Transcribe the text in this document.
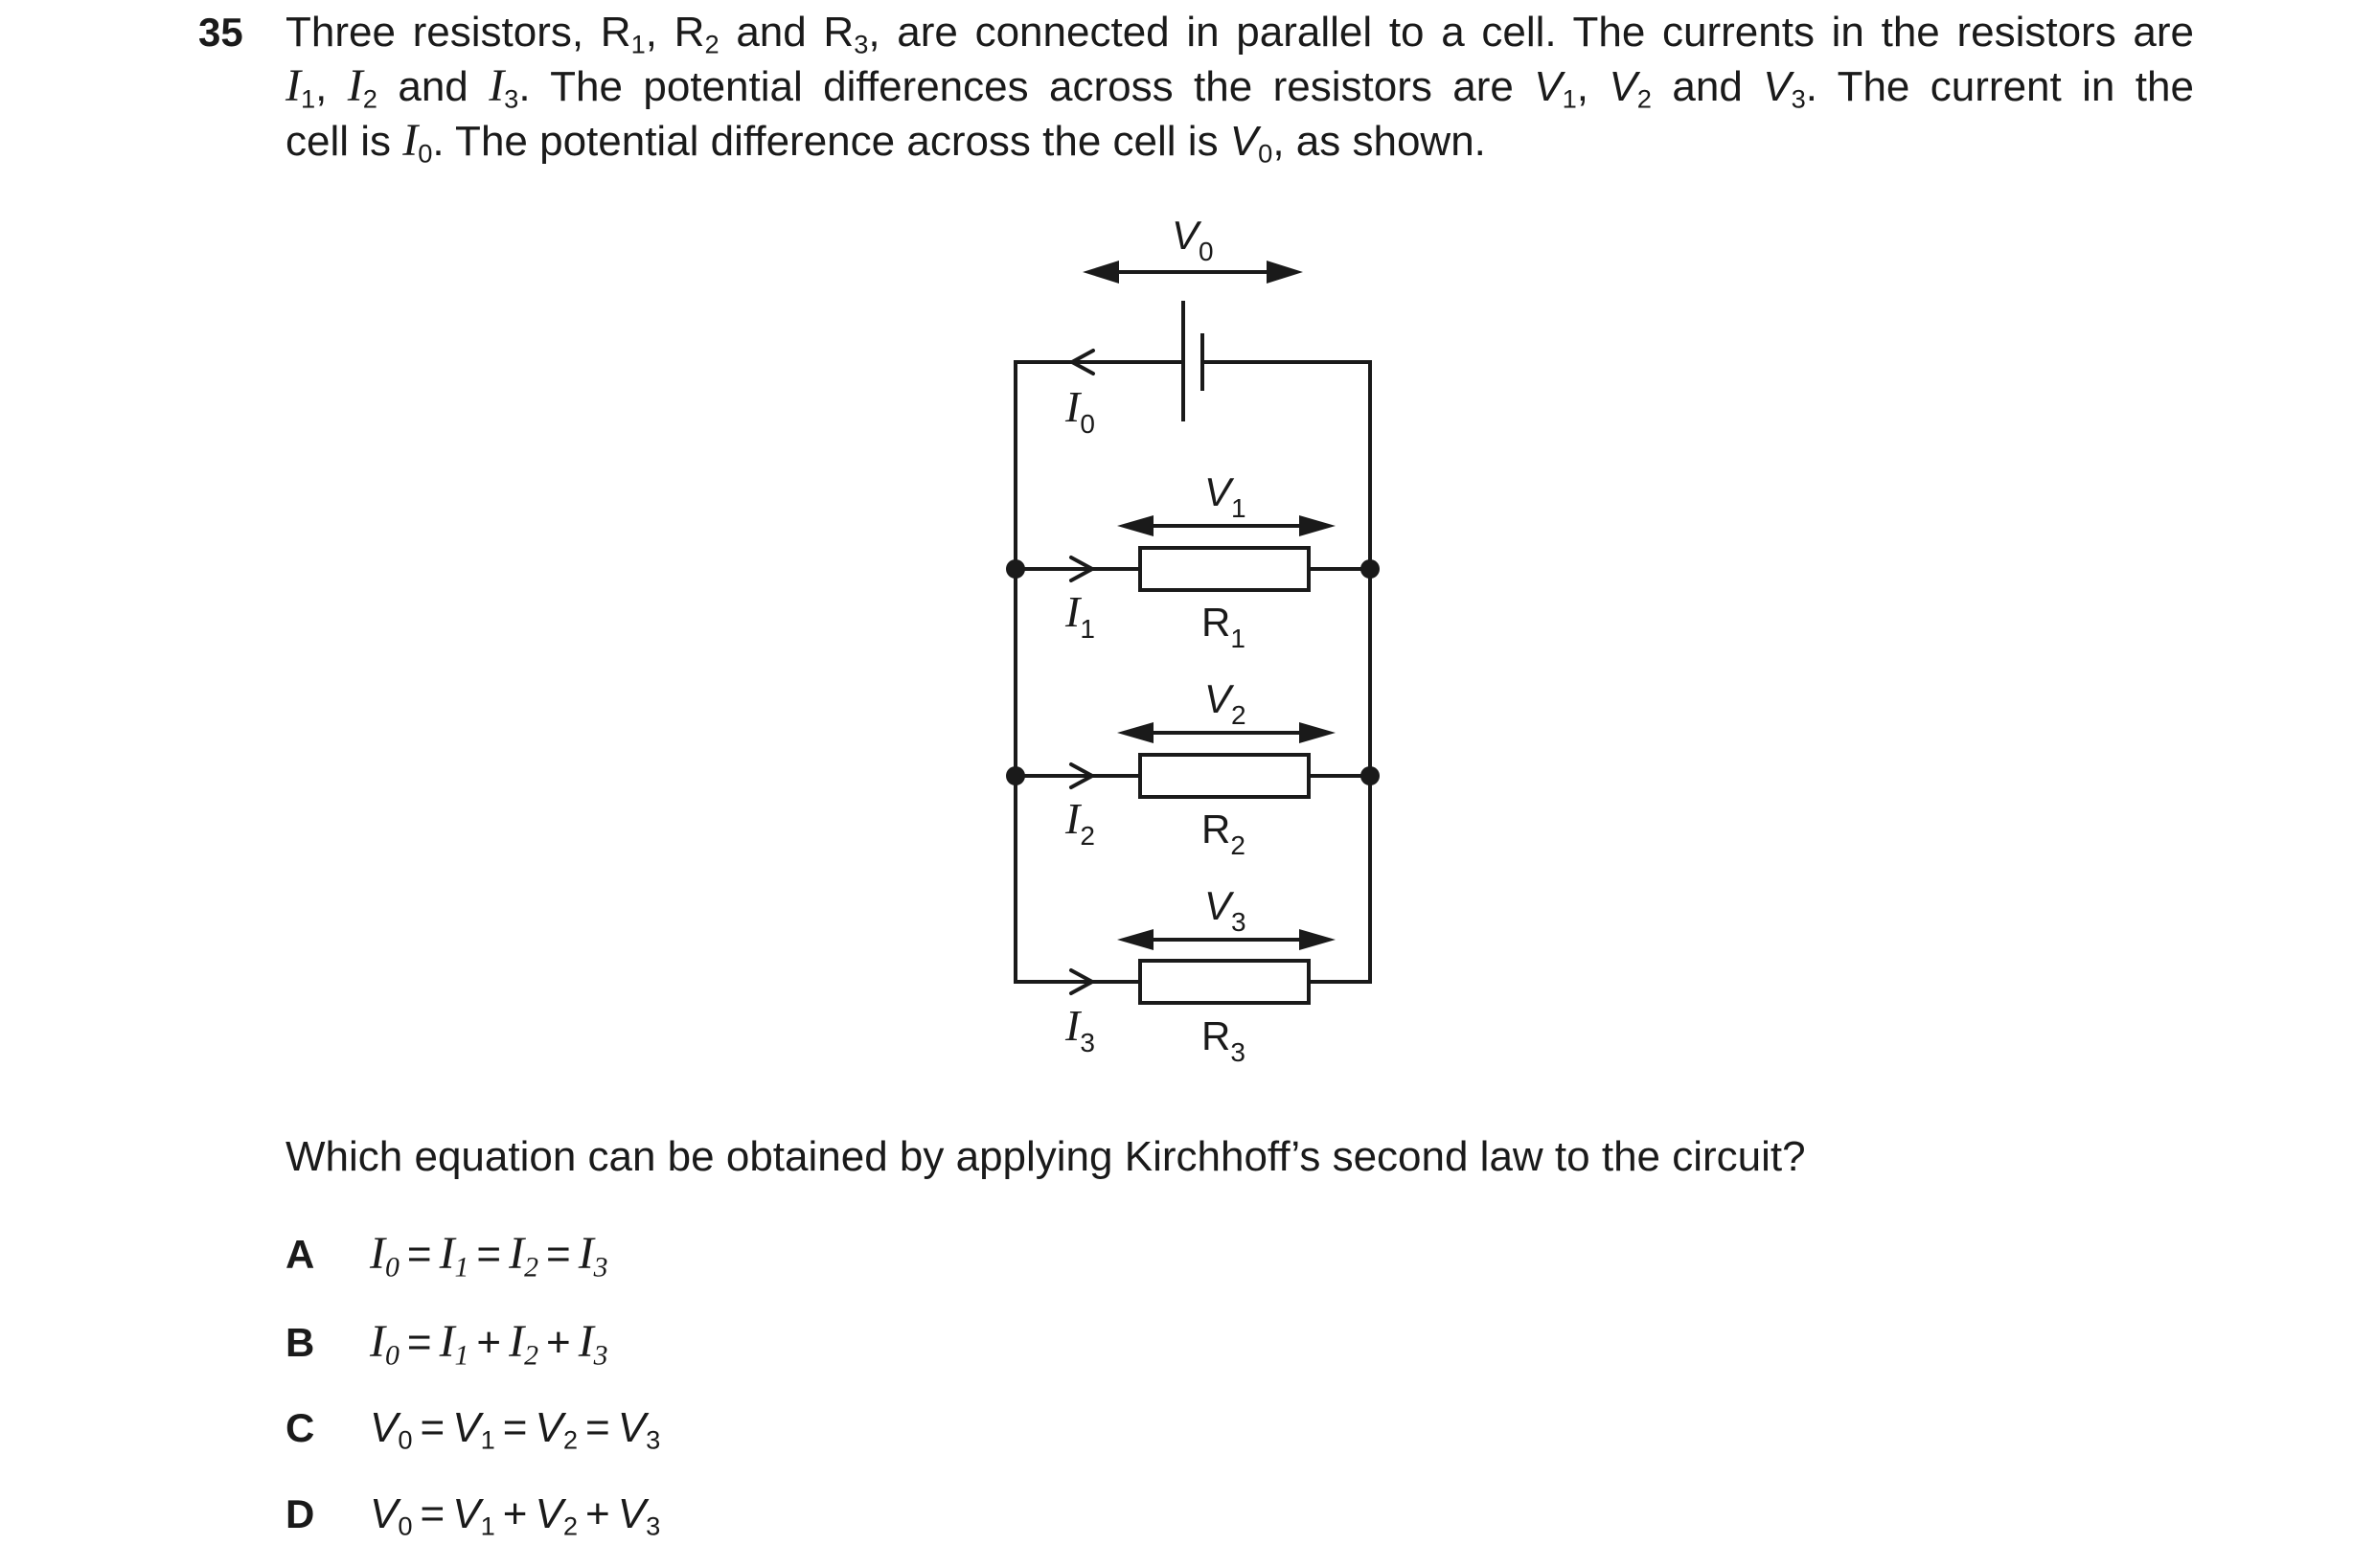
35 Three resistors, $R_1$, $R_2$ and $R_3$, are connected in parallel to a cell. The currents in the resistors are
$I_1$, $I_2$ and $I_3$. The potential differences across the resistors are $V_1$, $V_2$ and $V_3$. The current in the
cell is $I_0$. The potential difference across the cell is $V_0$, as shown.
$V_0$
$I_0$
$V_1$
$I_1$	$R_1$
$V_2$
$I_2$	$R_2$
$V_3$
$I_3$	$R_3$
Which equation can be obtained by applying Kirchhoff’s second law to the circuit?
A $I_0 = I_1 = I_2 = I_3$
B $I_0 = I_1 + I_2 + I_3$
C $V_0 = V_1 = V_2 = V_3$
D $V_0 = V_1 + V_2 + V_3$
